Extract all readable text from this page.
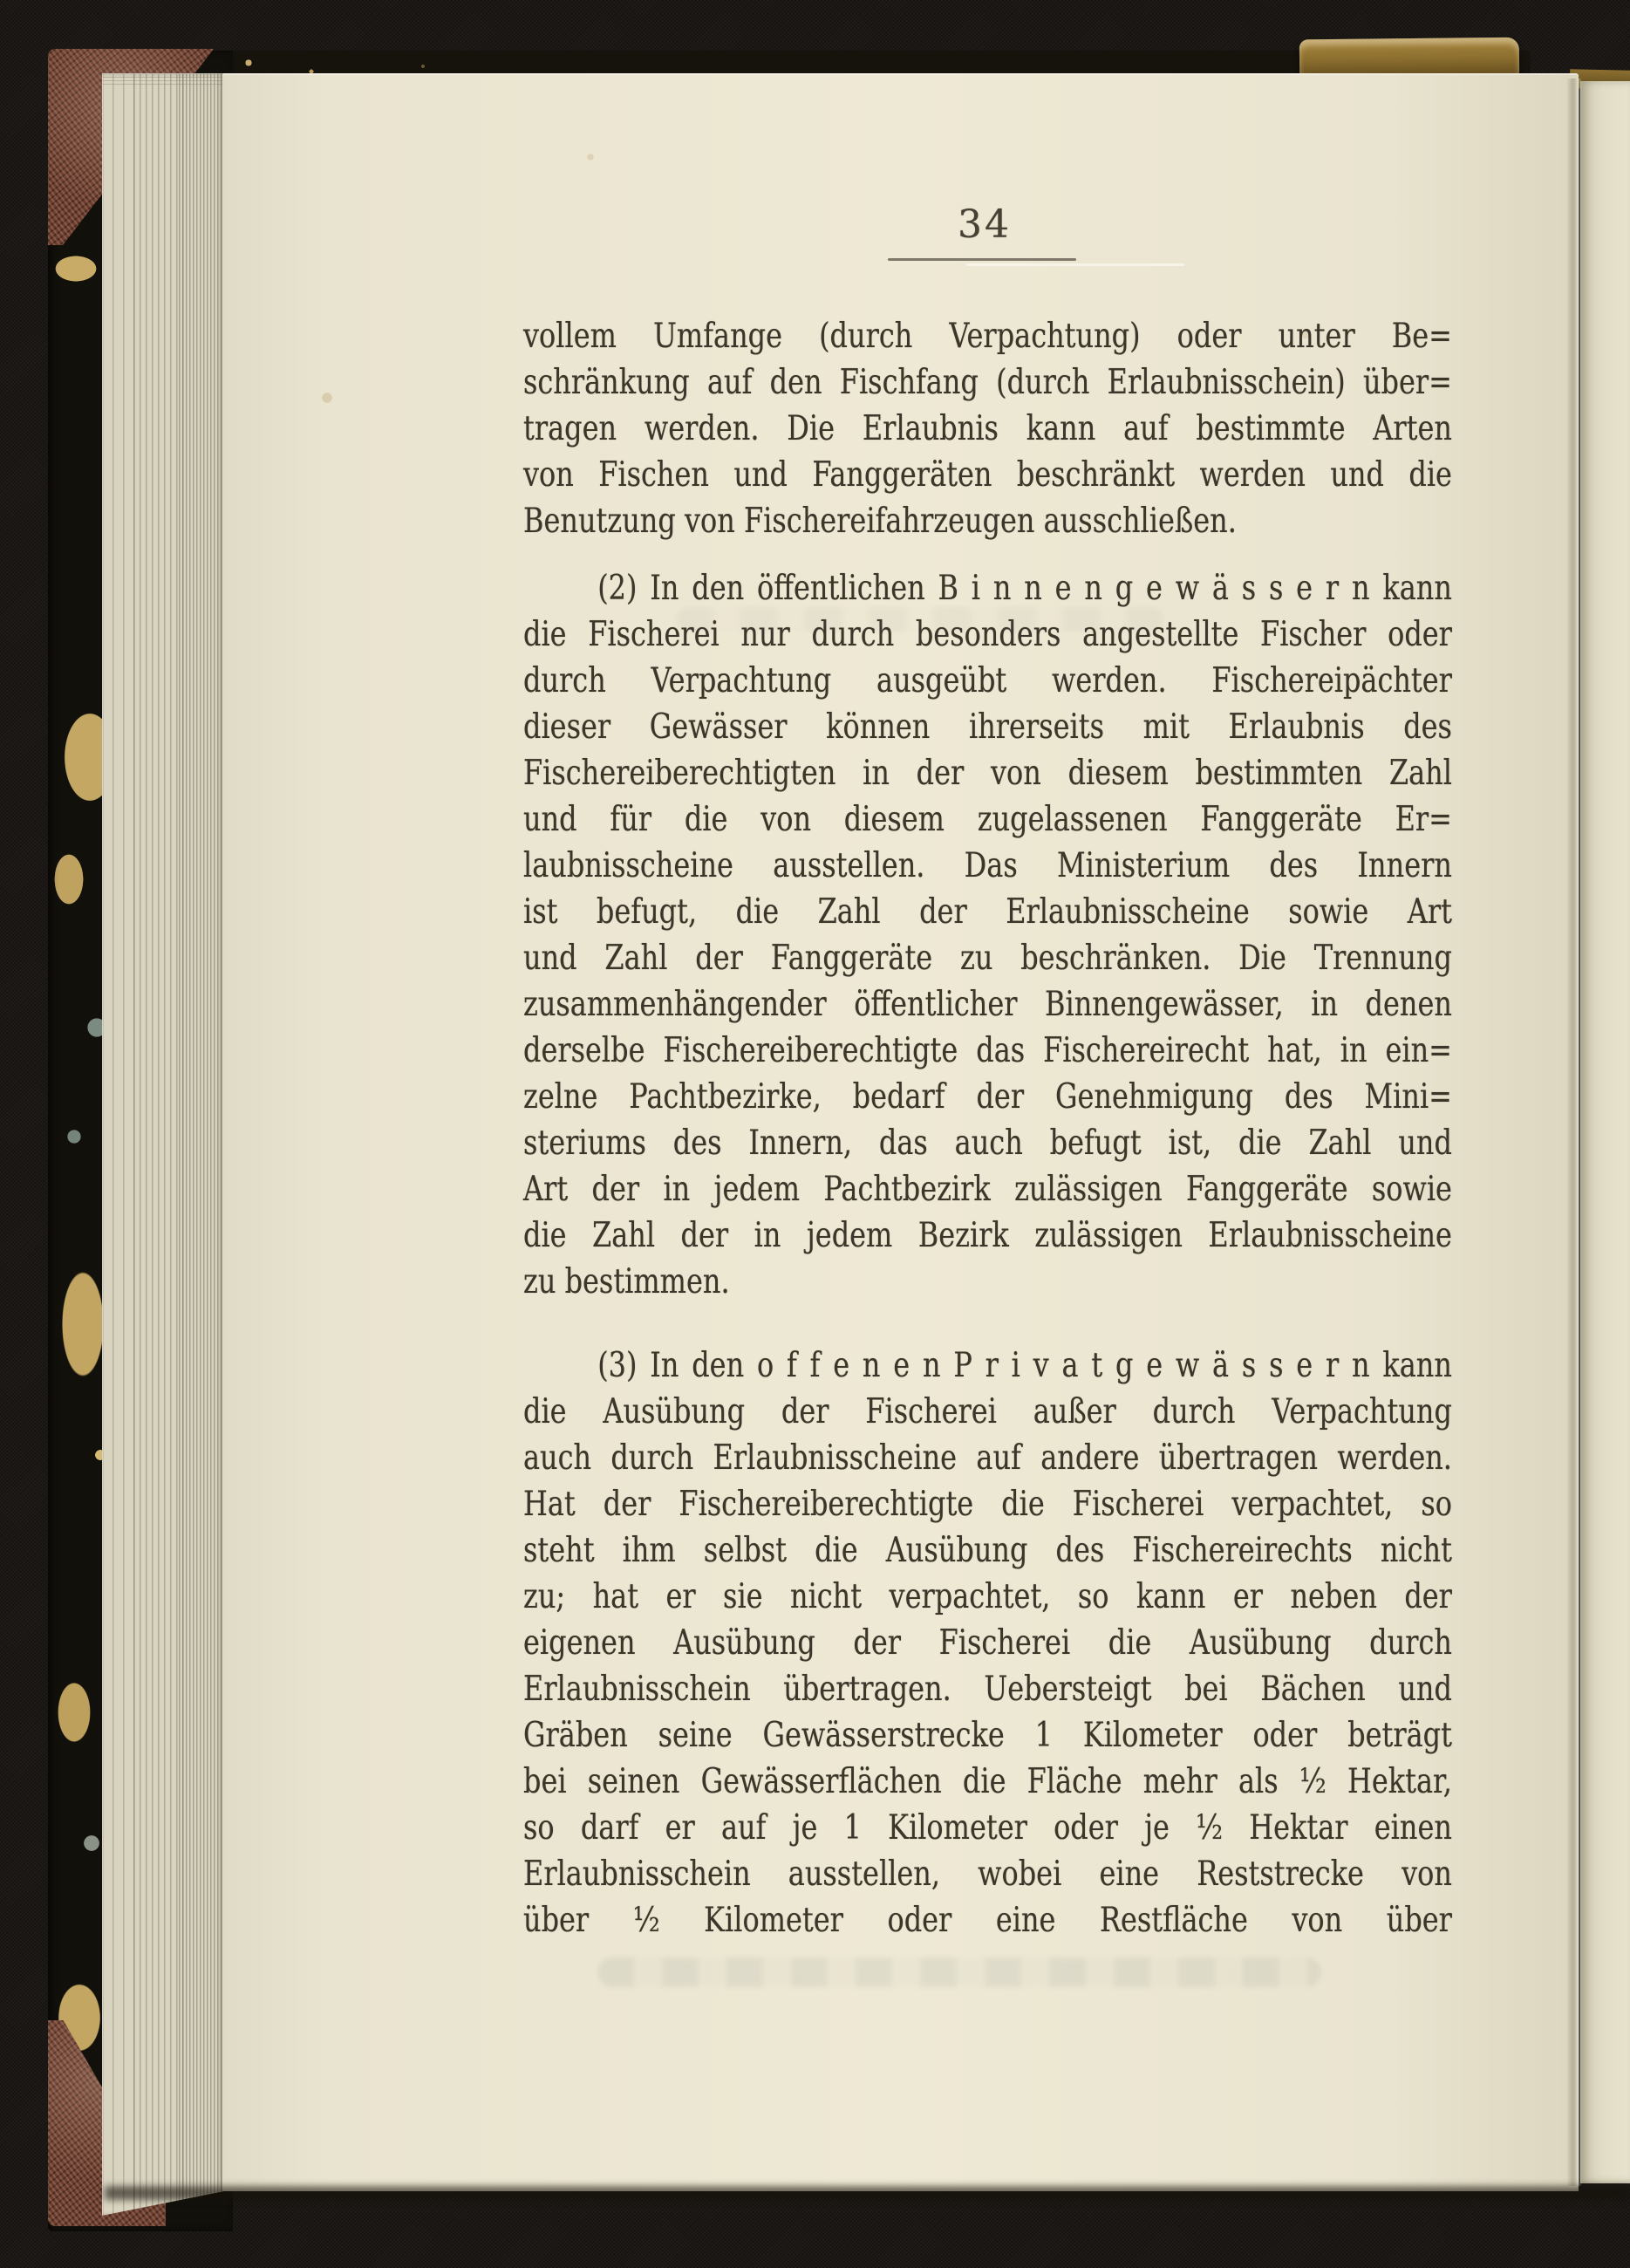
34
vollem Umfange (durch Verpachtung) oder unter Be=
schränkung auf den Fischfang (durch Erlaubnisschein) über=
tragen werden. Die Erlaubnis kann auf bestimmte Arten
von Fischen und Fanggeräten beschränkt werden und die
Benutzung von Fischereifahrzeugen ausschließen.
(2) In den öffentlichen B i n n e n g e w ä s s e r n kann
die Fischerei nur durch besonders angestellte Fischer oder
durch Verpachtung ausgeübt werden. Fischereipächter
dieser Gewässer können ihrerseits mit Erlaubnis des
Fischereiberechtigten in der von diesem bestimmten Zahl
und für die von diesem zugelassenen Fanggeräte Er=
laubnisscheine ausstellen. Das Ministerium des Innern
ist befugt, die Zahl der Erlaubnisscheine sowie Art
und Zahl der Fanggeräte zu beschränken. Die Trennung
zusammenhängender öffentlicher Binnengewässer, in denen
derselbe Fischereiberechtigte das Fischereirecht hat, in ein=
zelne Pachtbezirke, bedarf der Genehmigung des Mini=
steriums des Innern, das auch befugt ist, die Zahl und
Art der in jedem Pachtbezirk zulässigen Fanggeräte sowie
die Zahl der in jedem Bezirk zulässigen Erlaubnisscheine
zu bestimmen.
(3) In den o f f e n e n P r i v a t g e w ä s s e r n kann
die Ausübung der Fischerei außer durch Verpachtung
auch durch Erlaubnisscheine auf andere übertragen werden.
Hat der Fischereiberechtigte die Fischerei verpachtet, so
steht ihm selbst die Ausübung des Fischereirechts nicht
zu; hat er sie nicht verpachtet, so kann er neben der
eigenen Ausübung der Fischerei die Ausübung durch
Erlaubnisschein übertragen. Uebersteigt bei Bächen und
Gräben seine Gewässerstrecke 1 Kilometer oder beträgt
bei seinen Gewässerflächen die Fläche mehr als ½ Hektar,
so darf er auf je 1 Kilometer oder je ½ Hektar einen
Erlaubnisschein ausstellen, wobei eine Reststrecke von
über ½ Kilometer oder eine Restfläche von über
